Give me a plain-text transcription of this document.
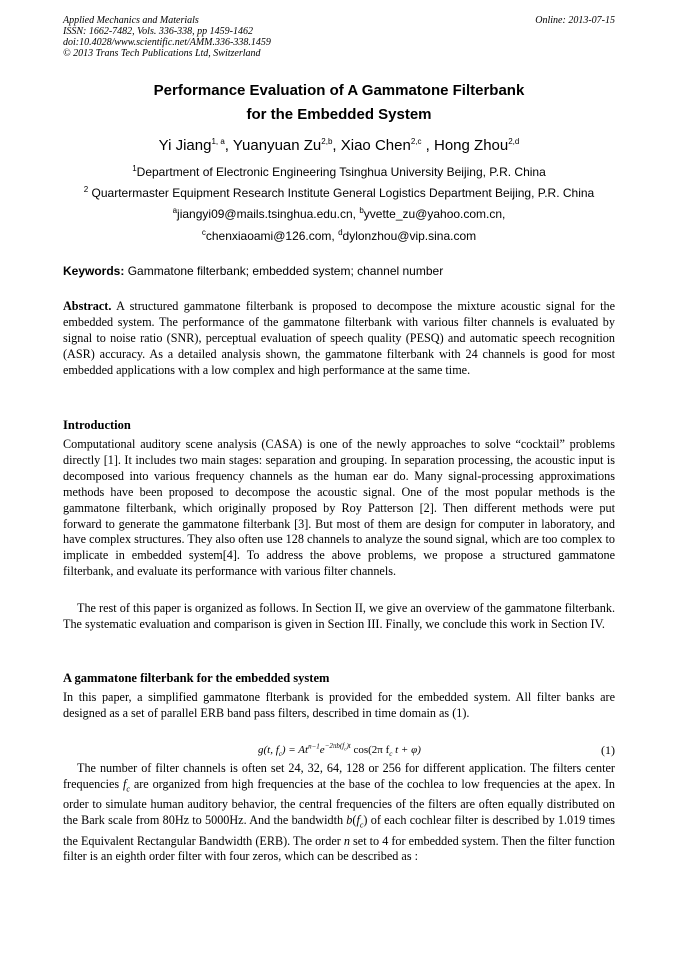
Applied Mechanics and Materials
ISSN: 1662-7482, Vols. 336-338, pp 1459-1462
doi:10.4028/www.scientific.net/AMM.336-338.1459
© 2013 Trans Tech Publications Ltd, Switzerland
Online: 2013-07-15
Performance Evaluation of A Gammatone Filterbank
for the Embedded System
Yi Jiang$^{1, a}$, Yuanyuan Zu$^{2,b}$, Xiao Chen$^{2,c}$ , Hong Zhou$^{2,d}$
$^1$Department of Electronic Engineering Tsinghua University Beijing, P.R. China
$^2$ Quartermaster Equipment Research Institute General Logistics Department Beijing, P.R. China
$^a$jiangyi09@mails.tsinghua.edu.cn, $^b$yvette_zu@yahoo.com.cn,
$^c$chenxiaoami@126.com, $^d$dylonzhou@vip.sina.com
Keywords: Gammatone filterbank; embedded system; channel number
Abstract. A structured gammatone filterbank is proposed to decompose the mixture acoustic signal for the embedded system. The performance of the gammatone filterbank with various filter channels is evaluated by signal to noise ratio (SNR), perceptual evaluation of speech quality (PESQ) and automatic speech recognition (ASR) accuracy. As a detailed analysis shown, the gammatone filterbank with 24 channels is good for most embedded applications with a low complex and high performance at the same time.
Introduction
Computational auditory scene analysis (CASA) is one of the newly approaches to solve “cocktail” problems directly [1]. It includes two main stages: separation and grouping. In separation processing, the acoustic input is decomposed into various frequency channels as the human ear do. Many signal-processing approximations methods have been proposed to decompose the acoustic signal. One of the most popular methods is the gammatone filterbank, which originally proposed by Roy Patterson [2]. Then different methods were put forward to generate the gammatone filterbank [3]. But most of them are design for computer in laboratory, and have complex structures. They also often use 128 channels to analyze the sound signal, which are too complex to implicate in embedded system[4]. To address the above problems, we propose a structured gammatone filterbank, and evaluate its performance with various filter channels.
The rest of this paper is organized as follows. In Section II, we give an overview of the gammatone filterbank. The systematic evaluation and comparison is given in Section III. Finally, we conclude this work in Section IV.
A gammatone filterbank for the embedded system
In this paper, a simplified gammatone flterbank is provided for the embedded system. All filter banks are designed as a set of parallel ERB band pass filters, described in time domain as (1).
g(t, $f_c) = At^{n-1}e^{-2\pi b(f_c)t}$ cos(2π $f_c$ t + φ)	(1)
The number of filter channels is often set 24, 32, 64, 128 or 256 for different application. The filters center frequencies $f_c$ are organized from high frequencies at the base of the cochlea to low frequencies at the apex. In order to simulate human auditory behavior, the central frequencies of the filters are often equally distributed on the Bark scale from 80Hz to 5000Hz. And the bandwidth $b(f_c)$ of each cochlear filter is described by 1.019 times the Equivalent Rectangular Bandwidth (ERB). The order n set to 4 for embedded system. Then the filter function filter is an eighth order filter with four zeros, which can be described as :
